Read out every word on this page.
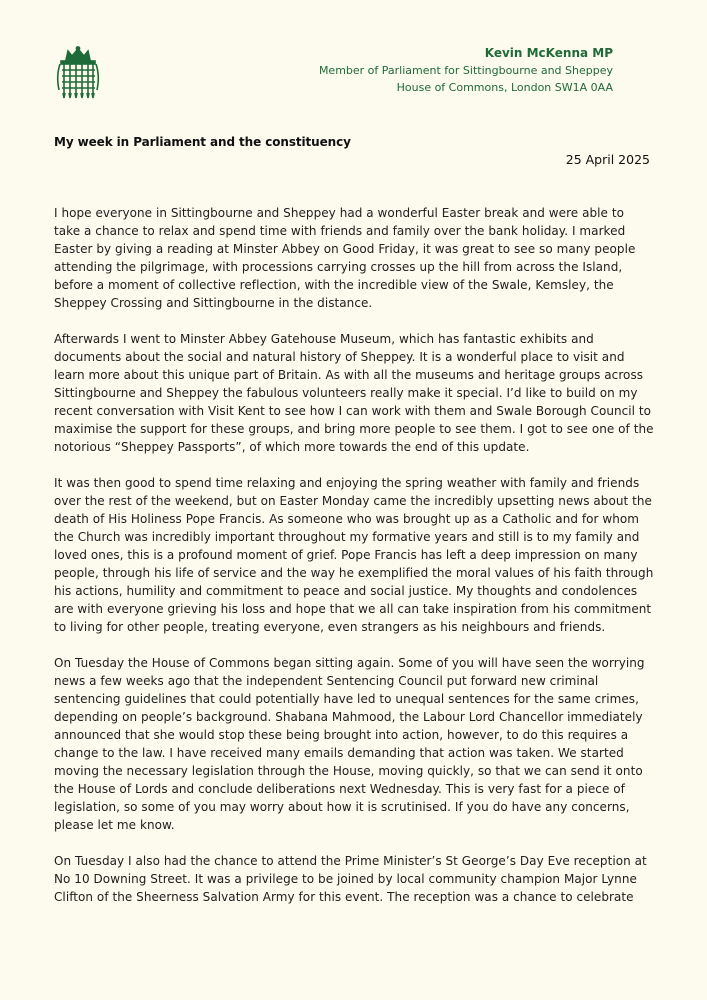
Kevin McKenna MP
Member of Parliament for Sittingbourne and Sheppey
House of Commons, London SW1A 0AA
My week in Parliament and the constituency
25 April 2025

I hope everyone in Sittingbourne and Sheppey had a wonderful Easter break and were able to take a chance to relax and spend time with friends and family over the bank holiday. I marked Easter by giving a reading at Minster Abbey on Good Friday, it was great to see so many people attending the pilgrimage, with processions carrying crosses up the hill from across the Island, before a moment of collective reflection, with the incredible view of the Swale, Kemsley, the Sheppey Crossing and Sittingbourne in the distance.

Afterwards I went to Minster Abbey Gatehouse Museum, which has fantastic exhibits and documents about the social and natural history of Sheppey. It is a wonderful place to visit and learn more about this unique part of Britain. As with all the museums and heritage groups across Sittingbourne and Sheppey the fabulous volunteers really make it special. I’d like to build on my recent conversation with Visit Kent to see how I can work with them and Swale Borough Council to maximise the support for these groups, and bring more people to see them. I got to see one of the notorious “Sheppey Passports”, of which more towards the end of this update.

It was then good to spend time relaxing and enjoying the spring weather with family and friends over the rest of the weekend, but on Easter Monday came the incredibly upsetting news about the death of His Holiness Pope Francis. As someone who was brought up as a Catholic and for whom the Church was incredibly important throughout my formative years and still is to my family and loved ones, this is a profound moment of grief. Pope Francis has left a deep impression on many people, through his life of service and the way he exemplified the moral values of his faith through his actions, humility and commitment to peace and social justice. My thoughts and condolences are with everyone grieving his loss and hope that we all can take inspiration from his commitment to living for other people, treating everyone, even strangers as his neighbours and friends.

On Tuesday the House of Commons began sitting again. Some of you will have seen the worrying news a few weeks ago that the independent Sentencing Council put forward new criminal sentencing guidelines that could potentially have led to unequal sentences for the same crimes, depending on people’s background. Shabana Mahmood, the Labour Lord Chancellor immediately announced that she would stop these being brought into action, however, to do this requires a change to the law. I have received many emails demanding that action was taken. We started moving the necessary legislation through the House, moving quickly, so that we can send it onto the House of Lords and conclude deliberations next Wednesday. This is very fast for a piece of legislation, so some of you may worry about how it is scrutinised. If you do have any concerns, please let me know.

On Tuesday I also had the chance to attend the Prime Minister’s St George’s Day Eve reception at No 10 Downing Street. It was a privilege to be joined by local community champion Major Lynne Clifton of the Sheerness Salvation Army for this event. The reception was a chance to celebrate
